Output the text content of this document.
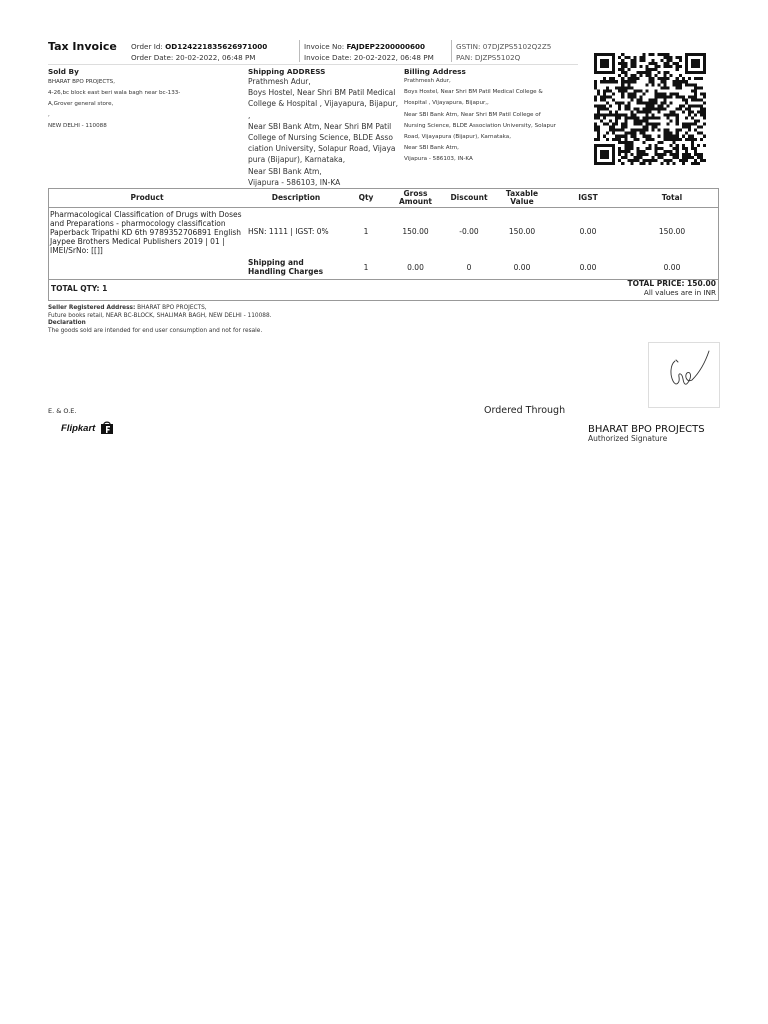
Tax Invoice Order Id: OD124221835626971000
Order Date: 20-02-2022, 06:48 PM
Invoice No: FAJDEP2200000600
Invoice Date: 20-02-2022, 06:48 PM
GSTIN: 07DJZPS5102Q2Z5
PAN: DJZPS5102Q
Sold By
BHARAT BPO PROJECTS,
4-26,bc block east beri wala bagh near bc-133-
A,Grover general store,
,
NEW DELHI - 110088
Shipping ADDRESS
Prathmesh Adur,
Boys Hostel, Near Shri BM Patil Medical
College & Hospital , Vijayapura, Bijapur,
,
Near SBI Bank Atm, Near Shri BM Patil
College of Nursing Science, BLDE Asso
ciation University, Solapur Road, Vijaya
pura (Bijapur), Karnataka,
Near SBI Bank Atm,
Vijapura - 586103, IN-KA
Billing Address
Prathmesh Adur,
Boys Hostel, Near Shri BM Patil Medical College &
Hospital , Vijayapura, Bijapur,,
Near SBI Bank Atm, Near Shri BM Patil College of
Nursing Science, BLDE Association University, Solapur
Road, Vijayapura (Bijapur), Karnataka,
Near SBI Bank Atm,
Vijapura - 586103, IN-KA
Product	Description	Qty	Gross Amount	Discount	Taxable Value	IGST	Total
Pharmacological Classification of Drugs with Doses and Preparations - pharmocology classification Paperback Tripathi KD 6th 9789352706891 English Jaypee Brothers Medical Publishers 2019 | 01 | IMEI/SrNo: [[]]	HSN: 1111 | IGST: 0%	1	150.00	-0.00	150.00	0.00	150.00
	Shipping and Handling Charges	1	0.00	0	0.00	0.00	0.00
TOTAL QTY: 1
TOTAL PRICE: 150.00
All values are in INR
Seller Registered Address: BHARAT BPO PROJECTS,
Future books retail, NEAR BC-BLOCK, SHALIMAR BAGH, NEW DELHI - 110088.
Declaration
The goods sold are intended for end user consumption and not for resale.
E. & O.E.	Ordered Through
Flipkart	BHARAT BPO PROJECTS
Authorized Signature
